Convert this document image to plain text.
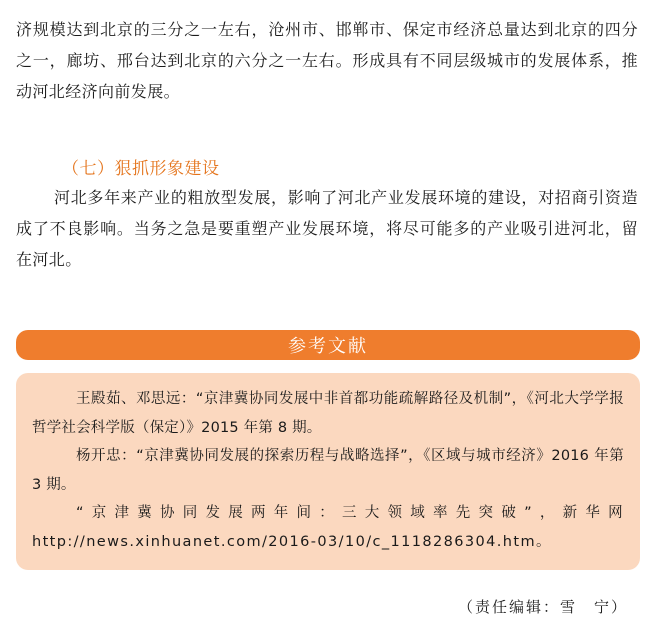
济规模达到北京的三分之一左右，沧州市、邯郸市、保定市经济总量达到北京的四分之一，廊坊、邢台达到北京的六分之一左右。形成具有不同层级城市的发展体系，推动河北经济向前发展。
（七）狠抓形象建设
河北多年来产业的粗放型发展，影响了河北产业发展环境的建设，对招商引资造成了不良影响。当务之急是要重塑产业发展环境，将尽可能多的产业吸引进河北，留在河北。
参考文献
王殿茹、邓思远：“京津冀协同发展中非首都功能疏解路径及机制”，《河北大学学报哲学社会科学版（保定）》2015 年第 8 期。
杨开忠：“京津冀协同发展的探索历程与战略选择”，《区域与城市经济》2016 年第 3 期。
“京津冀协同发展两年间：三大领域率先突破”，新华网 http://news.xinhuanet.com/2016-03/10/c_1118286304.htm。
（责任编辑：雪　宁）
